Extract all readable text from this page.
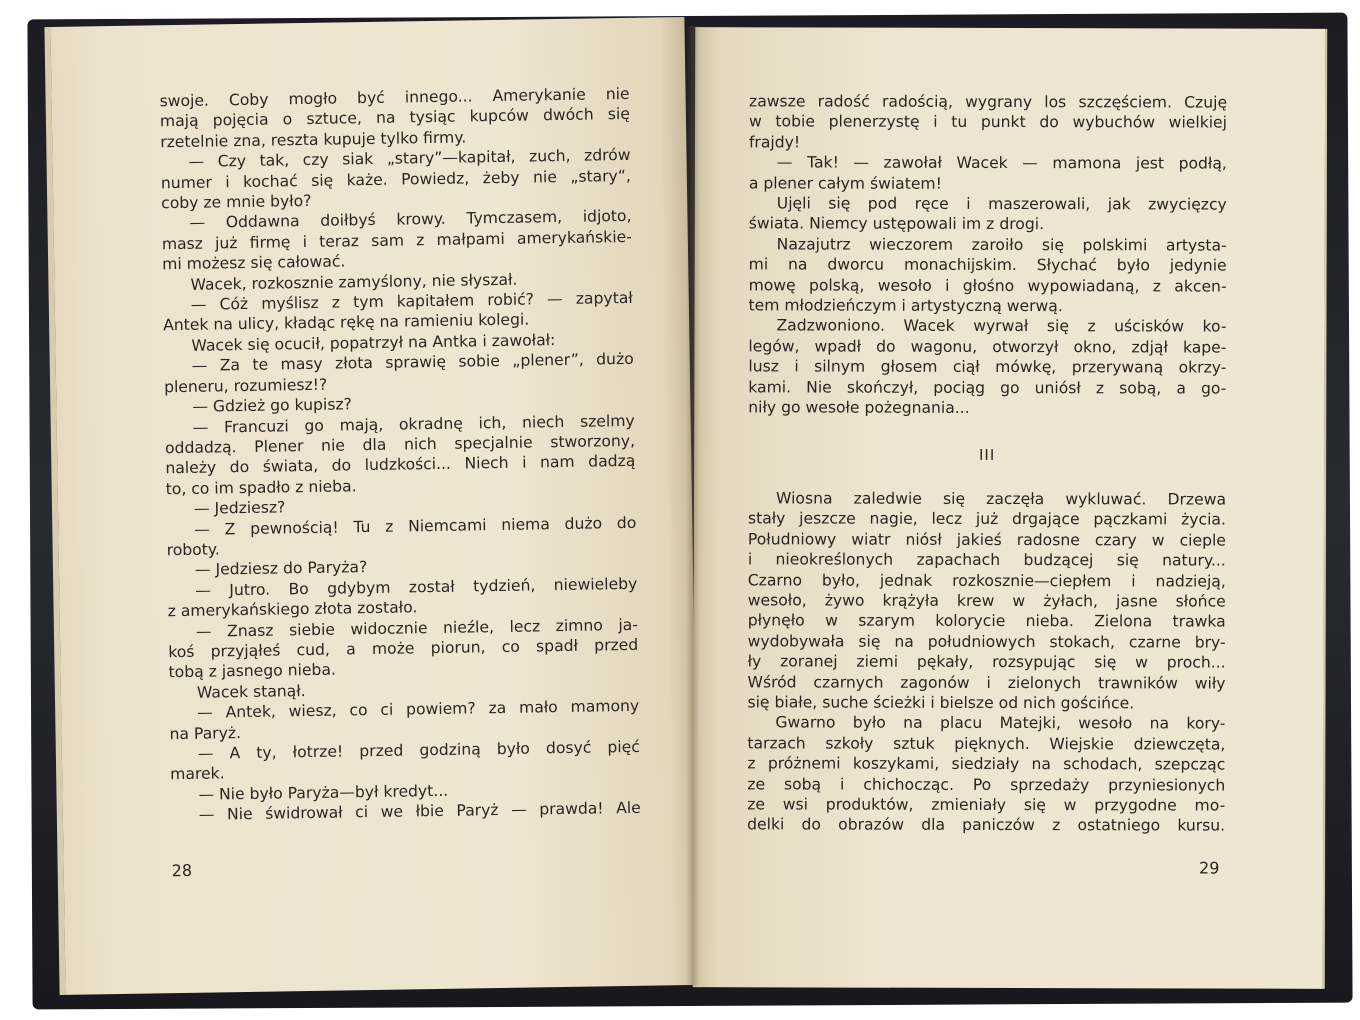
swoje. Coby mogło być innego... Amerykanie nie
mają pojęcia o sztuce, na tysiąc kupców dwóch się
rzetelnie zna, reszta kupuje tylko firmy.
— Czy tak, czy siak „stary”—kapitał, zuch, zdrów
numer i kochać się każe. Powiedz, żeby nie „stary“,
coby ze mnie było?
— Oddawna doiłbyś krowy. Tymczasem, idjoto,
masz już firmę i teraz sam z małpami amerykańskie-
mi możesz się całować.
Wacek, rozkosznie zamyślony, nie słyszał.
— Cóż myślisz z tym kapitałem robić? — zapytał
Antek na ulicy, kładąc rękę na ramieniu kolegi.
Wacek się ocucił, popatrzył na Antka i zawołał:
— Za te masy złota sprawię sobie „plener”, dużo
pleneru, rozumiesz!?
— Gdzież go kupisz?
— Francuzi go mają, okradnę ich, niech szelmy
oddadzą. Plener nie dla nich specjalnie stworzony,
należy do świata, do ludzkości... Niech i nam dadzą
to, co im spadło z nieba.
— Jedziesz?
— Z pewnością! Tu z Niemcami niema dużo do
roboty.
— Jedziesz do Paryża?
— Jutro. Bo gdybym został tydzień, niewieleby
z amerykańskiego złota zostało.
— Znasz siebie widocznie nieźle, lecz zimno ja-
koś przyjąłeś cud, a może piorun, co spadł przed
tobą z jasnego nieba.
Wacek stanął.
— Antek, wiesz, co ci powiem? za mało mamony
na Paryż.
— A ty, łotrze! przed godziną było dosyć pięć
marek.
— Nie było Paryża—był kredyt...
— Nie świdrował ci we łbie Paryż — prawda! Ale
28
zawsze radość radością, wygrany los szczęściem. Czuję
w tobie plenerzystę i tu punkt do wybuchów wielkiej
frajdy!
— Tak! — zawołał Wacek — mamona jest podłą,
a plener całym światem!
Ujęli się pod ręce i maszerowali, jak zwycięzcy
świata. Niemcy ustępowali im z drogi.
Nazajutrz wieczorem zaroiło się polskimi artysta-
mi na dworcu monachijskim. Słychać było jedynie
mowę polską, wesoło i głośno wypowiadaną, z akcen-
tem młodzieńczym i artystyczną werwą.
Zadzwoniono. Wacek wyrwał się z uścisków ko-
legów, wpadł do wagonu, otworzył okno, zdjął kape-
lusz i silnym głosem ciął mówkę, przerywaną okrzy-
kami. Nie skończył, pociąg go uniósł z sobą, a go-
niły go wesołe pożegnania...
III
Wiosna zaledwie się zaczęła wykluwać. Drzewa
stały jeszcze nagie, lecz już drgające pączkami życia.
Południowy wiatr niósł jakieś radosne czary w cieple
i nieokreślonych zapachach budzącej się natury...
Czarno było, jednak rozkosznie—ciepłem i nadzieją,
wesoło, żywo krążyła krew w żyłach, jasne słońce
płynęło w szarym kolorycie nieba. Zielona trawka
wydobywała się na południowych stokach, czarne bry-
ły zoranej ziemi pękały, rozsypując się w proch...
Wśród czarnych zagonów i zielonych trawników wiły
się białe, suche ścieżki i bielsze od nich gościńce.
Gwarno było na placu Matejki, wesoło na kory-
tarzach szkoły sztuk pięknych. Wiejskie dziewczęta,
z próżnemi koszykami, siedziały na schodach, szepcząc
ze sobą i chichocząc. Po sprzedaży przyniesionych
ze wsi produktów, zmieniały się w przygodne mo-
delki do obrazów dla paniczów z ostatniego kursu.
29
